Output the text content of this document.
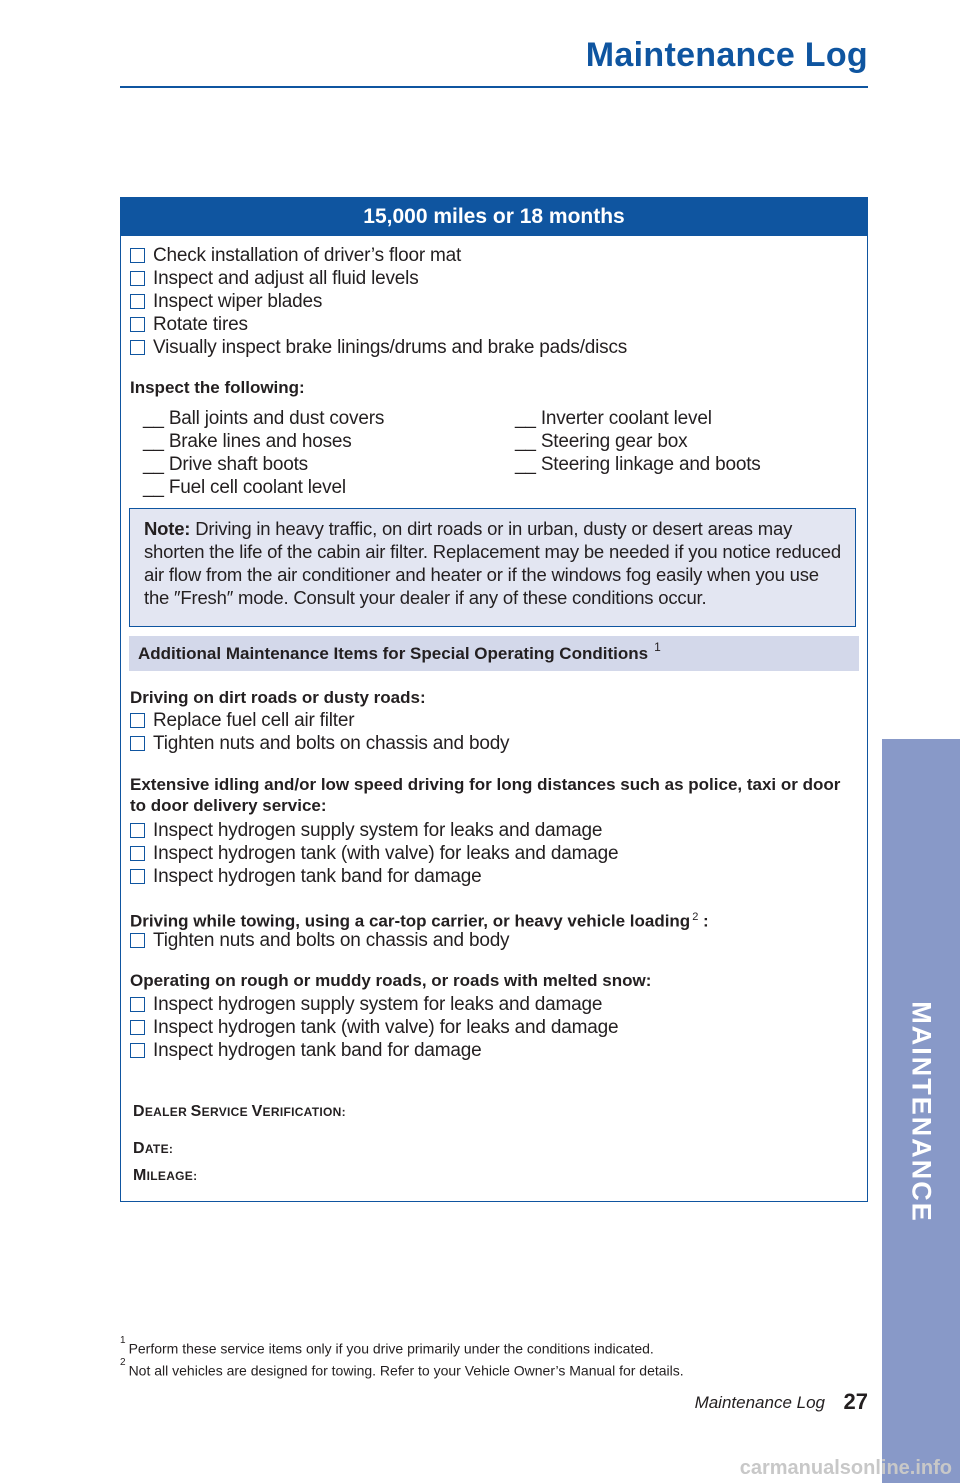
Maintenance Log
15,000 miles or 18 months
Check installation of driver’s floor mat
Inspect and adjust all fluid levels
Inspect wiper blades
Rotate tires
Visually inspect brake linings/drums and brake pads/discs
Inspect the following:
__ Ball joints and dust covers
__ Brake lines and hoses
__ Drive shaft boots
__ Fuel cell coolant level
__ Inverter coolant level
__ Steering gear box
__ Steering linkage and boots
Note: Driving in heavy traffic, on dirt roads or in urban, dusty or desert areas may shorten the life of the cabin air filter. Replacement may be needed if you notice reduced air flow from the air conditioner and heater or if the windows fog easily when you use the ″Fresh″ mode. Consult your dealer if any of these conditions occur.
Additional Maintenance Items for Special Operating Conditions $^1$
Driving on dirt roads or dusty roads:
Replace fuel cell air filter
Tighten nuts and bolts on chassis and body
Extensive idling and/or low speed driving for long distances such as police, taxi or door
to door delivery service:
Inspect hydrogen supply system for leaks and damage
Inspect hydrogen tank (with valve) for leaks and damage
Inspect hydrogen tank band for damage
Driving while towing, using a car-top carrier, or heavy vehicle loading $^2$ :
Tighten nuts and bolts on chassis and body
Operating on rough or muddy roads, or roads with melted snow:
Inspect hydrogen supply system for leaks and damage
Inspect hydrogen tank (with valve) for leaks and damage
Inspect hydrogen tank band for damage
DEALER SERVICE VERIFICATION:
DATE:
MILEAGE:
$^1$Perform these service items only if you drive primarily under the conditions indicated.
$^2$Not all vehicles are designed for towing. Refer to your Vehicle Owner’s Manual for details.
Maintenance Log 27
MAINTENANCE
carmanualsonline.info
